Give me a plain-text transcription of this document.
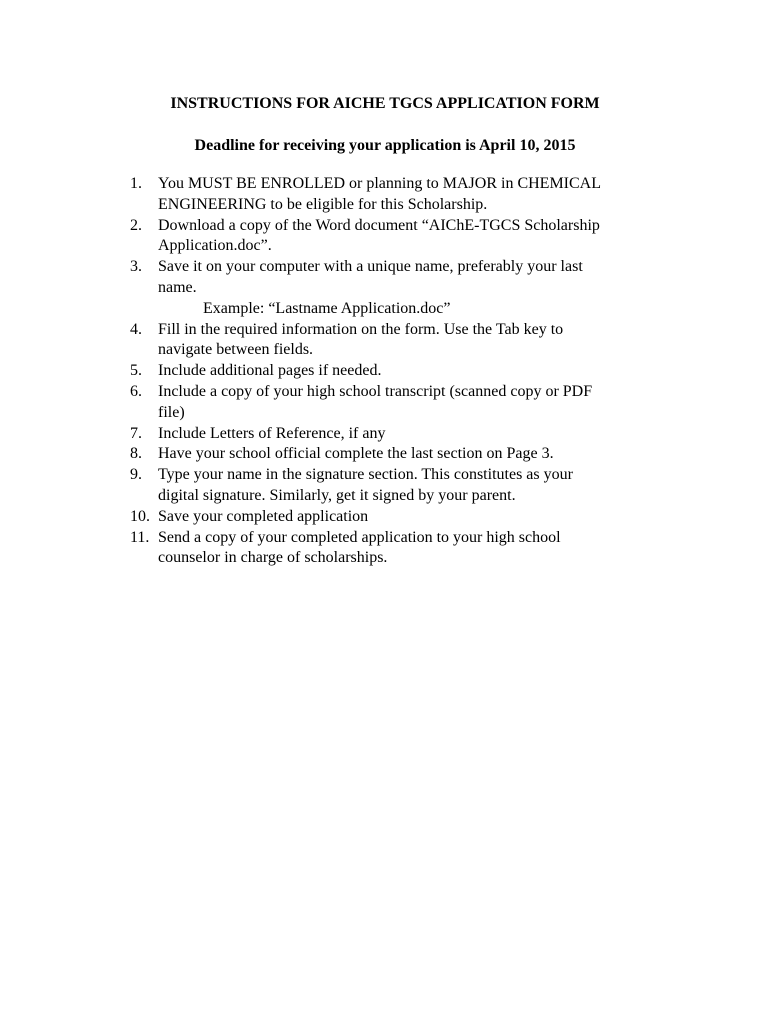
INSTRUCTIONS FOR AICHE TGCS APPLICATION FORM
Deadline for receiving your application is April 10, 2015
1.	You MUST BE ENROLLED or planning to MAJOR in CHEMICAL
ENGINEERING to be eligible for this Scholarship.
2.	Download a copy of the Word document “AIChE-TGCS Scholarship
Application.doc”.
3.	Save it on your computer with a unique name, preferably your last
name.
Example: “Lastname Application.doc”
4.	Fill in the required information on the form. Use the Tab key to
navigate between fields.
5.	Include additional pages if needed.
6.	Include a copy of your high school transcript (scanned copy or PDF
file)
7.	Include Letters of Reference, if any
8.	Have your school official complete the last section on Page 3.
9.	Type your name in the signature section. This constitutes as your
digital signature. Similarly, get it signed by your parent.
10. Save your completed application
11. Send a copy of your completed application to your high school
counselor in charge of scholarships.
